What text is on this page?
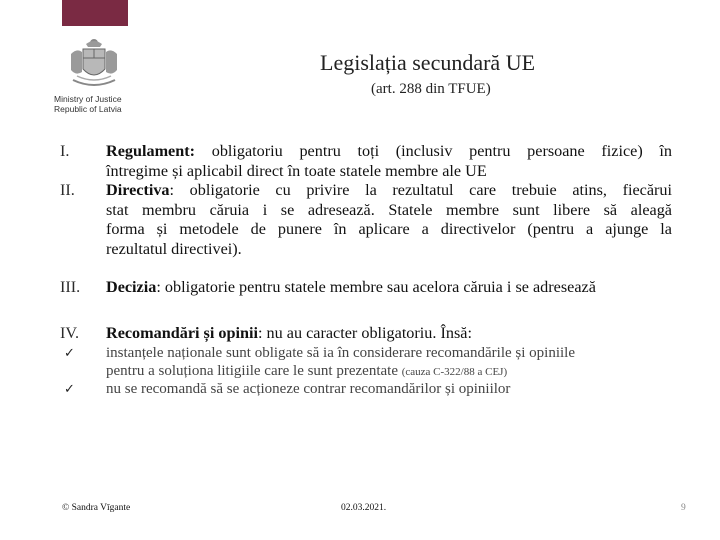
Ministry of Justice
Republic of Latvia
Legislația secundară UE
(art. 288 din TFUE)
I. Regulament: obligatoriu pentru toți (inclusiv pentru persoane fizice) în întregime și aplicabil direct în toate statele membre ale UE
II. Directiva: obligatorie cu privire la rezultatul care trebuie atins, fiecărui stat membru căruia i se adresează. Statele membre sunt libere să aleagă forma și metodele de punere în aplicare a directivelor (pentru a ajunge la rezultatul directivei).
III. Decizia: obligatorie pentru statele membre sau acelora căruia i se adresează
IV. Recomandări și opinii: nu au caracter obligatoriu. Însă:
✓ instanțele naționale sunt obligate să ia în considerare recomandările și opiniile
pentru a soluționa litigiile care le sunt prezentate (cauza C-322/88 a CEJ)
✓ nu se recomandă să se acționeze contrar recomandărilor și opiniilor
© Sandra Vīgante	02.03.2021.	9
